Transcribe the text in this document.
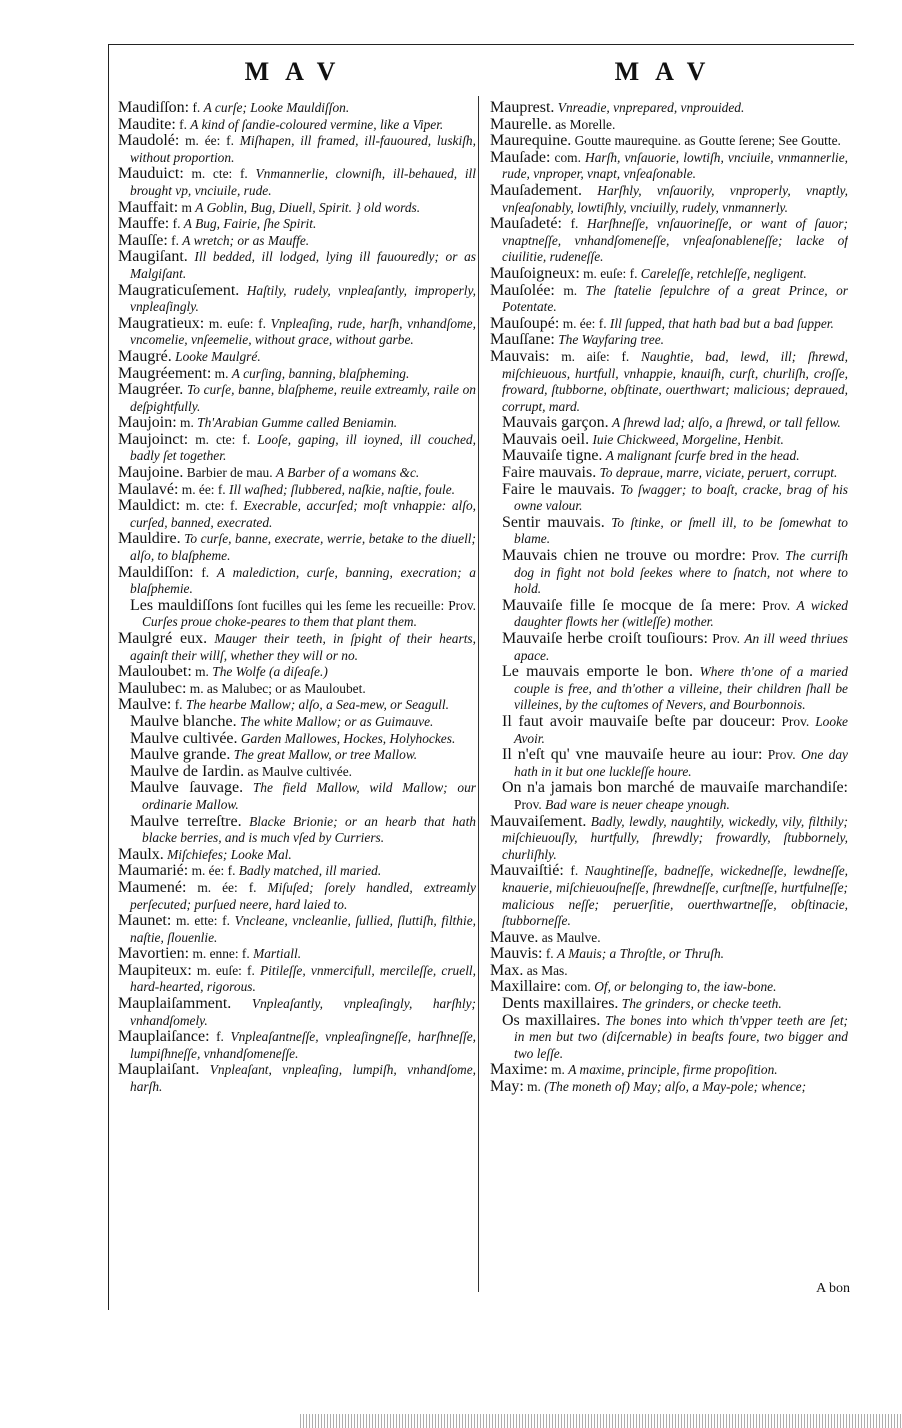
MAV	MAV

Maudiſſon: f. A curſe; Looke Mauldiſſon.

Maudite: f. A kind of ſandie-coloured vermine, like a Viper.

Maudolé: m. ée: f. Miſhapen, ill framed, ill-fauoured, luskiſh, without proportion.

Mauduict: m. cte: f. Vnmannerlie, clowniſh, ill-behaued, ill brought vp, vnciuile, rude.

Mauffait: m A Goblin, Bug, Diuell, Spirit. } old words.

Mauffe: f. A Bug, Fairie, ſhe Spirit.

Mauſſe: f. A wretch; or as Mauffe.

Maugiſant. Ill bedded, ill lodged, lying ill fauouredly; or as Malgiſant.

Maugraticuſement. Haſtily, rudely, vnpleaſantly, improperly, vnpleaſingly.

Maugratieux: m. euſe: f. Vnpleaſing, rude, harſh, vnhandſome, vncomelie, vnſeemelie, without grace, without garbe.

Maugré. Looke Maulgré.

Maugréement: m. A curſing, banning, blaſpheming.

Maugréer. To curſe, banne, blaſpheme, reuile extreamly, raile on deſpightfully.

Maujoin: m. Th'Arabian Gumme called Beniamin.

Maujoinct: m. cte: f. Looſe, gaping, ill ioyned, ill couched, badly ſet together.

Maujoine. Barbier de mau. A Barber of a womans &c.

Maulavé: m. ée: f. Ill waſhed; ſlubbered, naſkie, naſtie, foule.

Mauldict: m. cte: f. Execrable, accurſed; moſt vnhappie: alſo, curſed, banned, execrated.

Mauldire. To curſe, banne, execrate, werrie, betake to the diuell; alſo, to blaſpheme.

Mauldiſſon: f. A malediction, curſe, banning, execration; a blaſphemie.

Les mauldiſſons ſont fucilles qui les ſeme les recueille: Prov. Curſes proue choke-peares to them that plant them.

Maulgré eux. Mauger their teeth, in ſpight of their hearts, againſt their willſ, whether they will or no.

Mauloubet: m. The Wolfe (a diſeaſe.)

Maulubec: m. as Malubec; or as Mauloubet.

Maulve: f. The hearbe Mallow; alſo, a Sea-mew, or Seagull.

Maulve blanche. The white Mallow; or as Guimauve.

Maulve cultivée. Garden Mallowes, Hockes, Holyhockes.

Maulve grande. The great Mallow, or tree Mallow.

Maulve de Iardin. as Maulve cultivée.

Maulve ſauvage. The field Mallow, wild Mallow; our ordinarie Mallow.

Maulve terreſtre. Blacke Brionie; or an hearb that hath blacke berries, and is much vſed by Curriers.

Maulx. Miſchiefes; Looke Mal.

Maumarié: m. ée: f. Badly matched, ill maried.

Maumené: m. ée: f. Miſuſed; ſorely handled, extreamly perſecuted; purſued neere, hard laied to.

Maunet: m. ette: f. Vncleane, vncleanlie, ſullied, ſluttiſh, filthie, naſtie, ſlouenlie.

Mavortien: m. enne: f. Martiall.

Maupiteux: m. euſe: f. Pitileſſe, vnmercifull, mercileſſe, cruell, hard-hearted, rigorous.

Mauplaiſamment. Vnpleaſantly, vnpleaſingly, harſhly; vnhandſomely.

Mauplaiſance: f. Vnpleaſantneſſe, vnpleaſingneſſe, harſhneſſe, lumpiſhneſſe, vnhandſomeneſſe.

Mauplaiſant. Vnpleaſant, vnpleaſing, lumpiſh, vnhandſome, harſh.

Mauprest. Vnreadie, vnprepared, vnprouided.

Maurelle. as Morelle.

Maurequine. Goutte maurequine. as Goutte ſerene; See Goutte.

Mauſade: com. Harſh, vnſauorie, lowtiſh, vnciuile, vnmannerlie, rude, vnproper, vnapt, vnſeaſonable.

Mauſadement. Harſhly, vnſauorily, vnproperly, vnaptly, vnſeaſonably, lowtiſhly, vnciuilly, rudely, vnmannerly.

Mauſadeté: f. Harſhneſſe, vnſauorineſſe, or want of ſauor; vnaptneſſe, vnhandſomeneſſe, vnſeaſonableneſſe; lacke of ciuilitie, rudeneſſe.

Mauſoigneux: m. euſe: f. Careleſſe, retchleſſe, negligent.

Mauſolée: m. The ſtatelie ſepulchre of a great Prince, or Potentate.

Mauſoupé: m. ée: f. Ill ſupped, that hath bad but a bad ſupper.

Mauſſane: The Wayfaring tree.

Mauvais: m. aiſe: f. Naughtie, bad, lewd, ill; ſhrewd, miſchieuous, hurtfull, vnhappie, knauiſh, curſt, churliſh, croſſe, froward, ſtubborne, obſtinate, ouerthwart; malicious; depraued, corrupt, mard.

Mauvais garçon. A ſhrewd lad; alſo, a ſhrewd, or tall fellow.

Mauvais oeil. Iuie Chickweed, Morgeline, Henbit.

Mauvaiſe tigne. A malignant ſcurfe bred in the head.

Faire mauvais. To depraue, marre, viciate, peruert, corrupt.

Faire le mauvais. To ſwagger; to boaſt, cracke, brag of his owne valour.

Sentir mauvais. To ſtinke, or ſmell ill, to be ſomewhat to blame.

Mauvais chien ne trouve ou mordre: Prov. The curriſh dog in fight not bold ſeekes where to ſnatch, not where to hold.

Mauvaiſe fille ſe mocque de ſa mere: Prov. A wicked daughter flowts her (witleſſe) mother.

Mauvaiſe herbe croiſt touſiours: Prov. An ill weed thriues apace.

Le mauvais emporte le bon. Where th'one of a maried couple is free, and th'other a villeine, their children ſhall be villeines, by the cuſtomes of Nevers, and Bourbonnois.

Il faut avoir mauvaiſe beſte par douceur: Prov. Looke Avoir.

Il n'eſt qu' vne mauvaiſe heure au iour: Prov. One day hath in it but one luckleſſe houre.

On n'a jamais bon marché de mauvaiſe marchandiſe: Prov. Bad ware is neuer cheape ynough.

Mauvaiſement. Badly, lewdly, naughtily, wickedly, vily, filthily; miſchieuouſly, hurtfully, ſhrewdly; frowardly, ſtubbornely, churliſhly.

Mauvaiſtié: f. Naughtineſſe, badneſſe, wickedneſſe, lewdneſſe, knauerie, miſchieuouſneſſe, ſhrewdneſſe, curſtneſſe, hurtfulneſſe; malicious neſſe; peruerſitie, ouerthwartneſſe, obſtinacie, ſtubborneſſe.

Mauve. as Maulve.

Mauvis: f. A Mauis; a Throſtle, or Thruſh.

Max. as Mas.

Maxillaire: com. Of, or belonging to, the iaw-bone.

Dents maxillaires. The grinders, or checke teeth.

Os maxillaires. The bones into which th'vpper teeth are ſet; in men but two (diſcernable) in beaſts foure, two bigger and two leſſe.

Maxime: m. A maxime, principle, firme propoſition.

May: m. (The moneth of) May; alſo, a May-pole; whence;

A bon
